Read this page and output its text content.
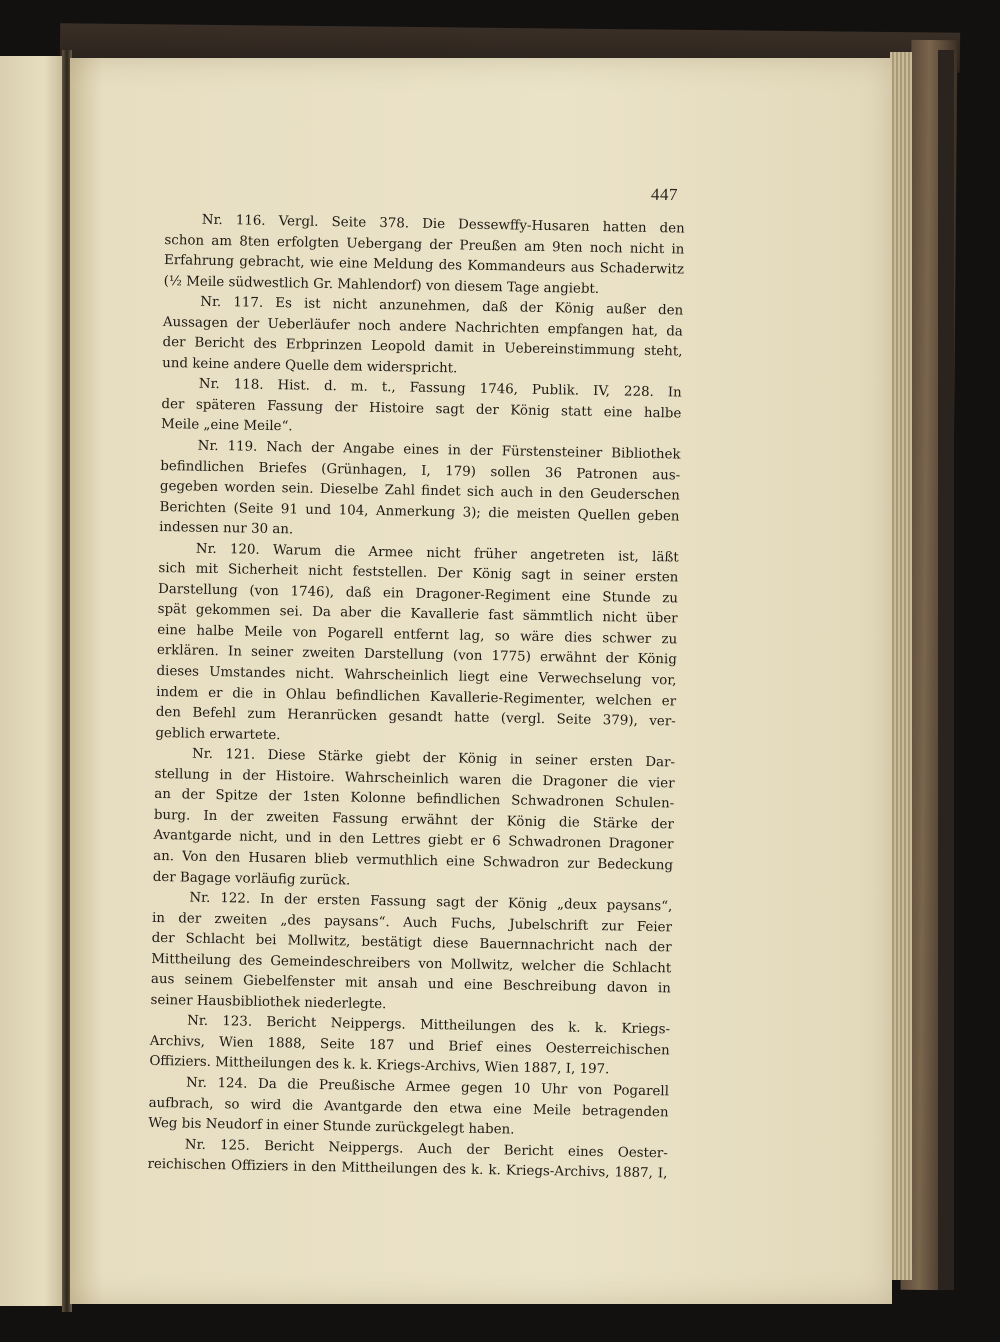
447
Nr. 116. Vergl. Seite 378. Die Dessewffy-Husaren hatten den
schon am 8ten erfolgten Uebergang der Preußen am 9ten noch nicht in
Erfahrung gebracht, wie eine Meldung des Kommandeurs aus Schaderwitz
(½ Meile südwestlich Gr. Mahlendorf) von diesem Tage angiebt.
Nr. 117. Es ist nicht anzunehmen, daß der König außer den
Aussagen der Ueberläufer noch andere Nachrichten empfangen hat, da
der Bericht des Erbprinzen Leopold damit in Uebereinstimmung steht,
und keine andere Quelle dem widerspricht.
Nr. 118. Hist. d. m. t., Fassung 1746, Publik. IV, 228. In
der späteren Fassung der Histoire sagt der König statt eine halbe
Meile „eine Meile“.
Nr. 119. Nach der Angabe eines in der Fürstensteiner Bibliothek
befindlichen Briefes (Grünhagen, I, 179) sollen 36 Patronen aus-
gegeben worden sein. Dieselbe Zahl findet sich auch in den Geuderschen
Berichten (Seite 91 und 104, Anmerkung 3); die meisten Quellen geben
indessen nur 30 an.
Nr. 120. Warum die Armee nicht früher angetreten ist, läßt
sich mit Sicherheit nicht feststellen. Der König sagt in seiner ersten
Darstellung (von 1746), daß ein Dragoner-Regiment eine Stunde zu
spät gekommen sei. Da aber die Kavallerie fast sämmtlich nicht über
eine halbe Meile von Pogarell entfernt lag, so wäre dies schwer zu
erklären. In seiner zweiten Darstellung (von 1775) erwähnt der König
dieses Umstandes nicht. Wahrscheinlich liegt eine Verwechselung vor,
indem er die in Ohlau befindlichen Kavallerie-Regimenter, welchen er
den Befehl zum Heranrücken gesandt hatte (vergl. Seite 379), ver-
geblich erwartete.
Nr. 121. Diese Stärke giebt der König in seiner ersten Dar-
stellung in der Histoire. Wahrscheinlich waren die Dragoner die vier
an der Spitze der 1sten Kolonne befindlichen Schwadronen Schulen-
burg. In der zweiten Fassung erwähnt der König die Stärke der
Avantgarde nicht, und in den Lettres giebt er 6 Schwadronen Dragoner
an. Von den Husaren blieb vermuthlich eine Schwadron zur Bedeckung
der Bagage vorläufig zurück.
Nr. 122. In der ersten Fassung sagt der König „deux paysans“,
in der zweiten „des paysans“. Auch Fuchs, Jubelschrift zur Feier
der Schlacht bei Mollwitz, bestätigt diese Bauernnachricht nach der
Mittheilung des Gemeindeschreibers von Mollwitz, welcher die Schlacht
aus seinem Giebelfenster mit ansah und eine Beschreibung davon in
seiner Hausbibliothek niederlegte.
Nr. 123. Bericht Neippergs. Mittheilungen des k. k. Kriegs-
Archivs, Wien 1888, Seite 187 und Brief eines Oesterreichischen
Offiziers. Mittheilungen des k. k. Kriegs-Archivs, Wien 1887, I, 197.
Nr. 124. Da die Preußische Armee gegen 10 Uhr von Pogarell
aufbrach, so wird die Avantgarde den etwa eine Meile betragenden
Weg bis Neudorf in einer Stunde zurückgelegt haben.
Nr. 125. Bericht Neippergs. Auch der Bericht eines Oester-
reichischen Offiziers in den Mittheilungen des k. k. Kriegs-Archivs, 1887, I,
